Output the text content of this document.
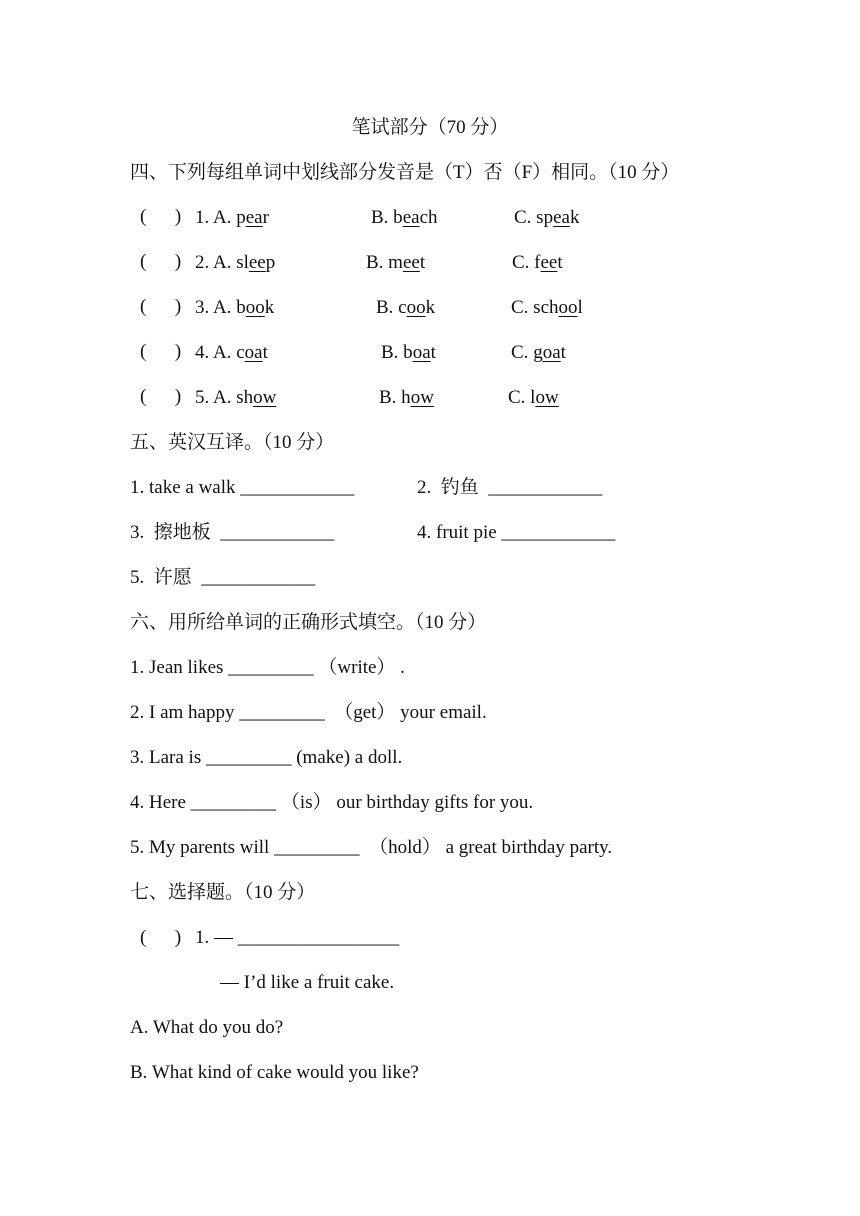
笔试部分（70 分）
四、下列每组单词中划线部分发音是（T）否（F）相同。（10 分）
(      ) 1. A. pear	B. beach	C. speak
(      ) 2. A. sleep	B. meet	C. feet
(      ) 3. A. book	B. cook	C. school
(      ) 4. A. coat	B. boat	C. goat
(      ) 5. A. show	B. how	C. low
五、英汉互译。（10 分）
1. take a walk ____________	2.  钓鱼  ____________
3.  擦地板  ____________	4. fruit pie ____________
5.  许愿  ____________
六、用所给单词的正确形式填空。（10 分）
1. Jean likes _________ （write） .
2. I am happy _________  （get） your email.
3. Lara is _________ (make) a doll.
4. Here _________ （is） our birthday gifts for you.
5. My parents will _________  （hold） a great birthday party.
七、选择题。（10 分）
(      ) 1. — _________________
— I’d like a fruit cake.
A. What do you do?
B. What kind of cake would you like?
